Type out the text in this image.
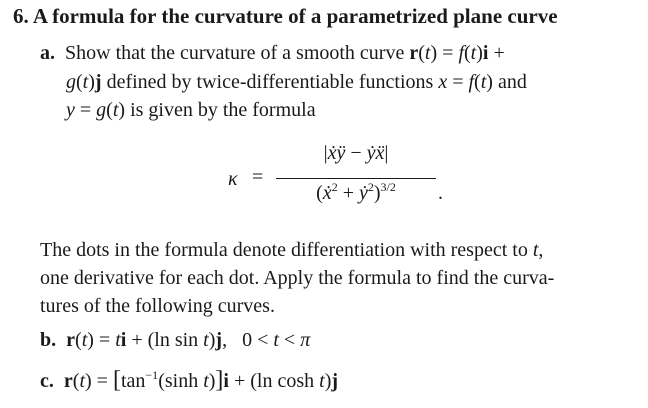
6. A formula for the curvature of a parametrized plane curve
a.  Show that the curvature of a smooth curve r(t) = f(t)i +
g(t)j defined by twice-differentiable functions x = f(t) and
y = g(t) is given by the formula
κ =
|ẋÿ − ẏẍ|
(ẋ$^2$ + ẏ$^2$)$^{3/2}$	.
The dots in the formula denote differentiation with respect to t,
one derivative for each dot. Apply the formula to find the curva-
tures of the following curves.
b. r(t) = ti + (ln sin t)j,   0 < t < π
c. $r(t) = [\tan^{-1}(\sinh$ t)]i + (ln cosh t)j
